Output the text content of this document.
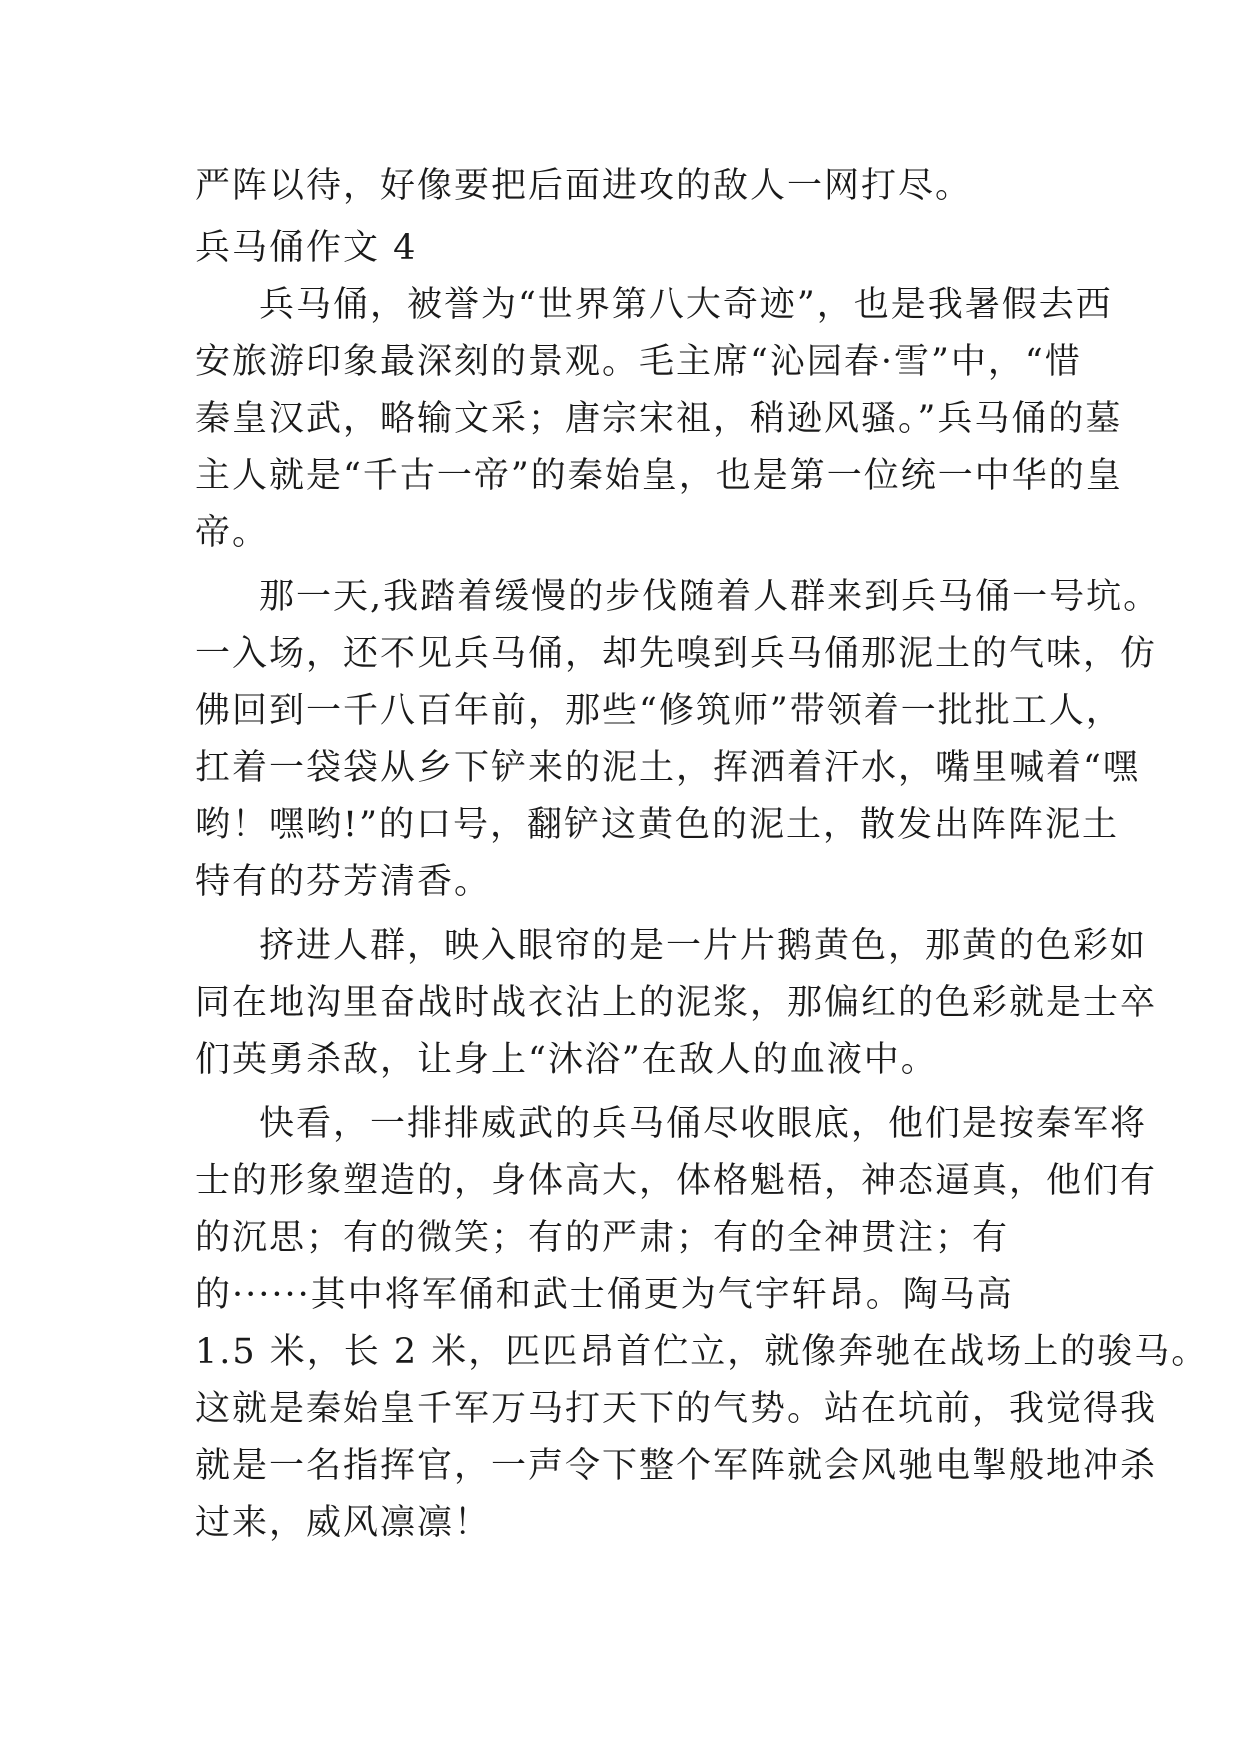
严阵以待，好像要把后面进攻的敌人一网打尽。
兵马俑作文 4
兵马俑，被誉为“世界第八大奇迹”，也是我暑假去西
安旅游印象最深刻的景观。毛主席“沁园春·雪”中，“惜
秦皇汉武，略输文采；唐宗宋祖，稍逊风骚。”兵马俑的墓
主人就是“千古一帝”的秦始皇，也是第一位统一中华的皇
帝。
那一天,我踏着缓慢的步伐随着人群来到兵马俑一号坑。
一入场，还不见兵马俑，却先嗅到兵马俑那泥土的气味，仿
佛回到一千八百年前，那些“修筑师”带领着一批批工人，
扛着一袋袋从乡下铲来的泥土，挥洒着汗水，嘴里喊着“嘿
哟！嘿哟!”的口号，翻铲这黄色的泥土，散发出阵阵泥土
特有的芬芳清香。
挤进人群，映入眼帘的是一片片鹅黄色，那黄的色彩如
同在地沟里奋战时战衣沾上的泥浆，那偏红的色彩就是士卒
们英勇杀敌，让身上“沐浴”在敌人的血液中。
快看，一排排威武的兵马俑尽收眼底，他们是按秦军将
士的形象塑造的，身体高大，体格魁梧，神态逼真，他们有
的沉思；有的微笑；有的严肃；有的全神贯注；有
的······其中将军俑和武士俑更为气宇轩昂。陶马高
1.5 米，长 2 米，匹匹昂首伫立，就像奔驰在战场上的骏马。
这就是秦始皇千军万马打天下的气势。站在坑前，我觉得我
就是一名指挥官，一声令下整个军阵就会风驰电掣般地冲杀
过来，威风凛凛！
